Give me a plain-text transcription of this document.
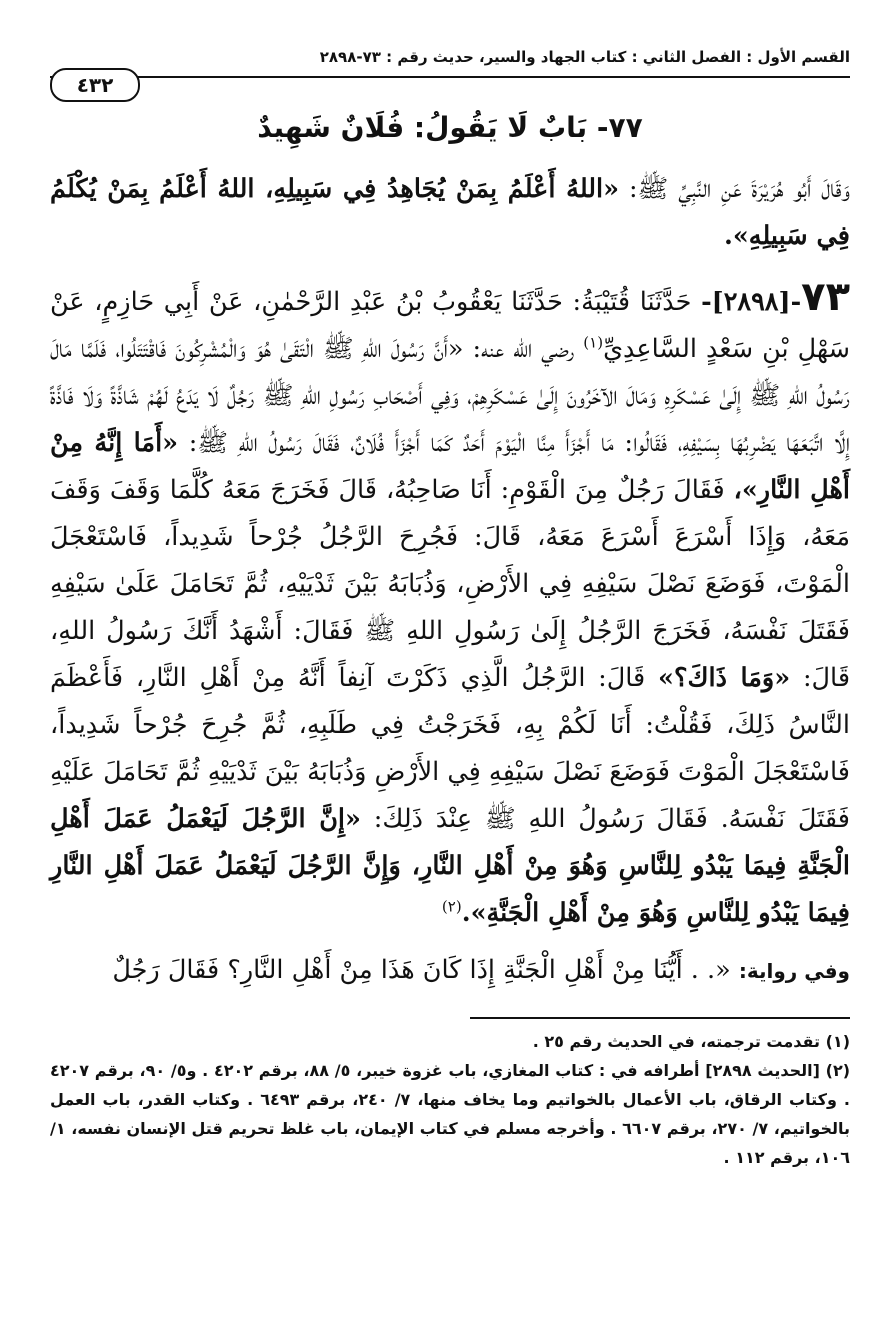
القسم الأول : الفصل الثاني : كتاب الجهاد والسير، حديث رقم : ٧٣-٢٨٩٨
٤٣٢
٧٧- بَابٌ لَا يَقُولُ: فُلَانٌ شَهِيدٌ

وَقَالَ أَبُو هُرَيْرَةَ عَنِ النَّبِيِّ ﷺ: «اللهُ أَعْلَمُ بِمَنْ يُجَاهِدُ فِي سَبِيلِهِ، اللهُ أَعْلَمُ بِمَنْ يُكْلَمُ فِي سَبِيلِهِ».

٧٣-[٢٨٩٨]- حَدَّثَنَا قُتَيْبَةُ: حَدَّثَنَا يَعْقُوبُ بْنُ عَبْدِ الرَّحْمٰنِ، عَنْ أَبِي حَازِمٍ، عَنْ سَهْلِ بْنِ سَعْدٍ السَّاعِدِيِّ$^{(١)}$ رضي الله عنه: «أَنَّ رَسُولَ اللهِ ﷺ الْتَقَىٰ هُوَ وَالْمُشْرِكُونَ فَاقْتَتَلُوا، فَلَمَّا مَالَ رَسُولُ اللهِ ﷺ إِلَىٰ عَسْكَرِهِ وَمَالَ الآخَرُونَ إِلَىٰ عَسْكَرِهِمْ، وَفِي أَصْحَابِ رَسُولِ اللهِ ﷺ رَجُلٌ لَا يَدَعُ لَهُمْ شَاذَّةً وَلَا فَاذَّةً إِلَّا اتَّبَعَهَا يَضْرِبُهَا بِسَيْفِهِ، فَقَالُوا: مَا أَجْزَأَ مِنَّا الْيَوْمَ أَحَدٌ كَمَا أَجْزَأَ فُلَانٌ، فَقَالَ رَسُولُ اللهِ ﷺ: «أَمَا إِنَّهُ مِنْ أَهْلِ النَّارِ»، فَقَالَ رَجُلٌ مِنَ الْقَوْمِ: أَنَا صَاحِبُهُ، قَالَ فَخَرَجَ مَعَهُ كُلَّمَا وَقَفَ وَقَفَ مَعَهُ، وَإِذَا أَسْرَعَ أَسْرَعَ مَعَهُ، قَالَ: فَجُرِحَ الرَّجُلُ جُرْحاً شَدِيداً، فَاسْتَعْجَلَ الْمَوْتَ، فَوَضَعَ نَصْلَ سَيْفِهِ فِي الأَرْضِ، وَذُبَابَهُ بَيْنَ ثَدْيَيْهِ، ثُمَّ تَحَامَلَ عَلَىٰ سَيْفِهِ فَقَتَلَ نَفْسَهُ، فَخَرَجَ الرَّجُلُ إِلَىٰ رَسُولِ اللهِ ﷺ فَقَالَ: أَشْهَدُ أَنَّكَ رَسُولُ اللهِ، قَالَ: «وَمَا ذَاكَ؟» قَالَ: الرَّجُلُ الَّذِي ذَكَرْتَ آنِفاً أَنَّهُ مِنْ أَهْلِ النَّارِ، فَأَعْظَمَ النَّاسُ ذَلِكَ، فَقُلْتُ: أَنَا لَكُمْ بِهِ، فَخَرَجْتُ فِي طَلَبِهِ، ثُمَّ جُرِحَ جُرْحاً شَدِيداً، فَاسْتَعْجَلَ الْمَوْتَ فَوَضَعَ نَصْلَ سَيْفِهِ فِي الأَرْضِ وَذُبَابَهُ بَيْنَ ثَدْيَيْهِ ثُمَّ تَحَامَلَ عَلَيْهِ فَقَتَلَ نَفْسَهُ. فَقَالَ رَسُولُ اللهِ ﷺ عِنْدَ ذَلِكَ: «إِنَّ الرَّجُلَ لَيَعْمَلُ عَمَلَ أَهْلِ الْجَنَّةِ فِيمَا يَبْدُو لِلنَّاسِ وَهُوَ مِنْ أَهْلِ النَّارِ، وَإِنَّ الرَّجُلَ لَيَعْمَلُ عَمَلَ أَهْلِ النَّارِ فِيمَا يَبْدُو لِلنَّاسِ وَهُوَ مِنْ أَهْلِ الْجَنَّةِ».$^{(٢)}$

وفي رواية: «. . أَيُّنَا مِنْ أَهْلِ الْجَنَّةِ إِذَا كَانَ هَذَا مِنْ أَهْلِ النَّارِ؟ فَقَالَ رَجُلٌ

(١) تقدمت ترجمته، في الحديث رقم ٢٥ .

(٢) [الحديث ٢٨٩٨] أطرافه في : كتاب المغازي، باب غزوة خيبر، ٥/ ٨٨، برقم ٤٢٠٢ . و٥/ ٩٠، برقم ٤٢٠٧ . وكتاب الرقاق، باب الأعمال بالخواتيم وما يخاف منها، ٧/ ٢٤٠، برقم ٦٤٩٣ . وكتاب القدر، باب العمل بالخواتيم، ٧/ ٢٧٠، برقم ٦٦٠٧ . وأخرجه مسلم في كتاب الإيمان، باب غلظ تحريم قتل الإنسان نفسه، ١/ ١٠٦، برقم ١١٢ .
